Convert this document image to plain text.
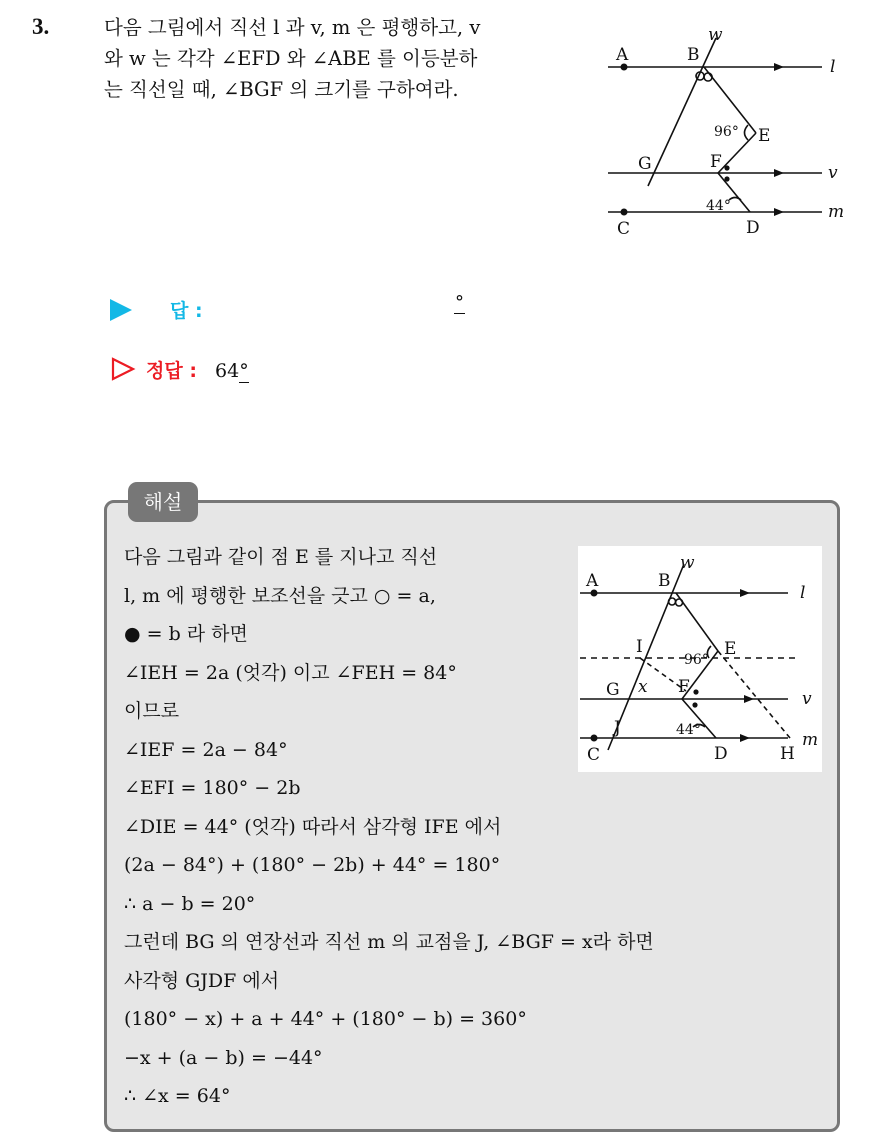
3.	다음 그림에서 직선 l 과 v, m 은 평행하고, v

와 w 는 각각 ∠EFD 와 ∠ABE 를 이등분하

는 직선일 때, ∠BGF 의 크기를 구하여라.

A	B
w
l
E
96°
G	F
v
44°
C	D
m
답 :	°
정답 : 64°
해설

다음 그림과 같이 점 E 를 지나고 직선

l, m 에 평행한 보조선을 긋고 ○ = a,

● = b 라 하면

∠IEH = 2a (엇각) 이고 ∠FEH = 84°

이므로

∠IEF = 2a − 84°

∠EFI = 180° − 2b

∠DIE = 44° (엇각) 따라서 삼각형 IFE 에서

(2a − 84°) + (180° − 2b) + 44° = 180°

∴ a − b = 20°

그런데 BG 의 연장선과 직선 m 의 교점을 J, ∠BGF = x라 하면

사각형 GJDF 에서

(180° − x) + a + 44° + (180° − b) = 360°

−x + (a − b) = −44°

∴ ∠x = 64°

A	B
w
l
I
96°
E
G x F
v
J	44°
C	D	H
m
